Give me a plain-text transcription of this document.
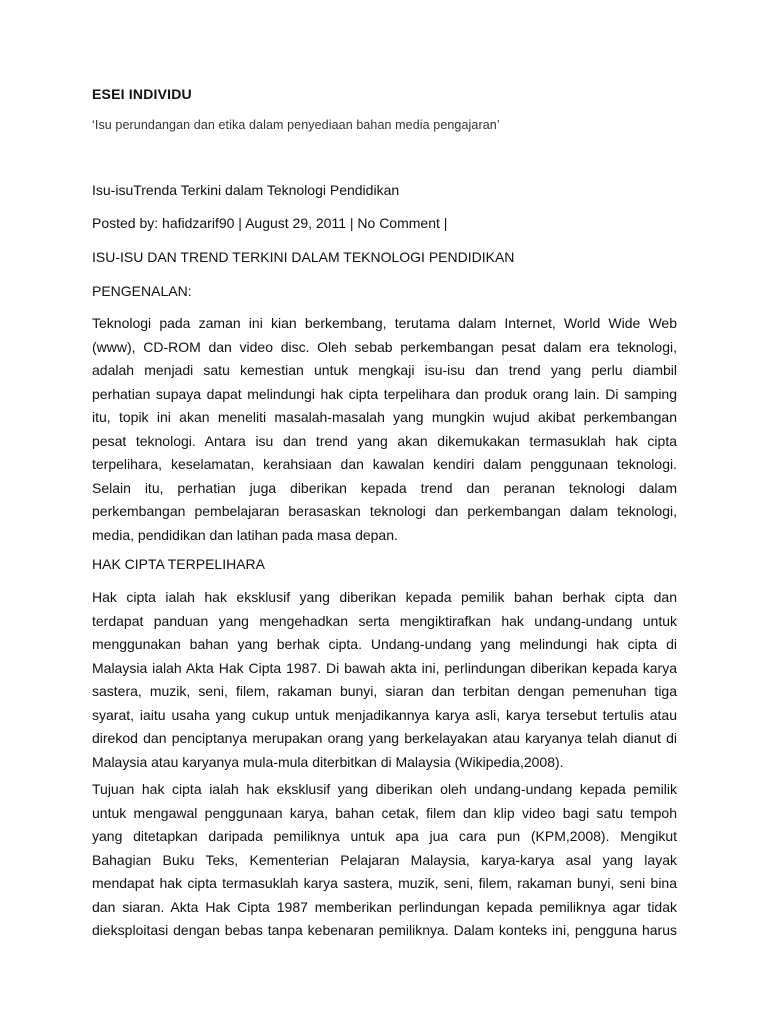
ESEI INDIVIDU
‘Isu perundangan dan etika dalam penyediaan bahan media pengajaran’
Isu-isuTrenda Terkini dalam Teknologi Pendidikan
Posted by: hafidzarif90 | August 29, 2011 | No Comment |
ISU-ISU DAN TREND TERKINI DALAM TEKNOLOGI PENDIDIKAN
PENGENALAN:
Teknologi pada zaman ini kian berkembang, terutama dalam Internet, World Wide Web
(www), CD-ROM dan video disc. Oleh sebab perkembangan pesat dalam era teknologi,
adalah menjadi satu kemestian untuk mengkaji isu-isu dan trend yang perlu diambil
perhatian supaya dapat melindungi hak cipta terpelihara dan produk orang lain. Di samping
itu, topik ini akan meneliti masalah-masalah yang mungkin wujud akibat perkembangan
pesat teknologi. Antara isu dan trend yang akan dikemukakan termasuklah hak cipta
terpelihara, keselamatan, kerahsiaan dan kawalan kendiri dalam penggunaan teknologi.
Selain itu, perhatian juga diberikan kepada trend dan peranan teknologi dalam
perkembangan pembelajaran berasaskan teknologi dan perkembangan dalam teknologi,
media, pendidikan dan latihan pada masa depan.
HAK CIPTA TERPELIHARA
Hak cipta ialah hak eksklusif yang diberikan kepada pemilik bahan berhak cipta dan
terdapat panduan yang mengehadkan serta mengiktirafkan hak undang-undang untuk
menggunakan bahan yang berhak cipta. Undang-undang yang melindungi hak cipta di
Malaysia ialah Akta Hak Cipta 1987. Di bawah akta ini, perlindungan diberikan kepada karya
sastera, muzik, seni, filem, rakaman bunyi, siaran dan terbitan dengan pemenuhan tiga
syarat, iaitu usaha yang cukup untuk menjadikannya karya asli, karya tersebut tertulis atau
direkod dan penciptanya merupakan orang yang berkelayakan atau karyanya telah dianut di
Malaysia atau karyanya mula-mula diterbitkan di Malaysia (Wikipedia,2008).
Tujuan hak cipta ialah hak eksklusif yang diberikan oleh undang-undang kepada pemilik
untuk mengawal penggunaan karya, bahan cetak, filem dan klip video bagi satu tempoh
yang ditetapkan daripada pemiliknya untuk apa jua cara pun (KPM,2008). Mengikut
Bahagian Buku Teks, Kementerian Pelajaran Malaysia, karya-karya asal yang layak
mendapat hak cipta termasuklah karya sastera, muzik, seni, filem, rakaman bunyi, seni bina
dan siaran. Akta Hak Cipta 1987 memberikan perlindungan kepada pemiliknya agar tidak
dieksploitasi dengan bebas tanpa kebenaran pemiliknya. Dalam konteks ini, pengguna harus
